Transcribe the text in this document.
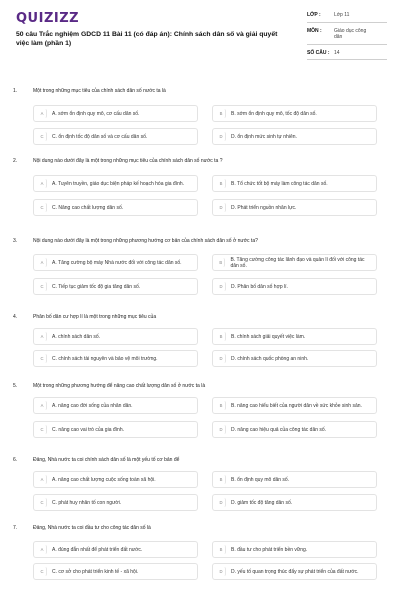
QUIZIZZ
50 câu Trắc nghiệm GDCD 11 Bài 11 (có đáp án): Chính sách dân số và giải quyết việc làm (phần 1)
LỚP :	Lớp 11
MÔN :	Giáo dục công dân
SỐ CÂU : 14
1.	Một trong những mục tiêu của chính sách dân số nước ta là
A	A. sớm ổn định quy mô, cơ cấu dân số.	B	B. sớm ổn định quy mô, tốc độ dân số.
C	C. ổn định tốc độ dân số và cơ cấu dân số.	D	D. ổn định mức sinh tự nhiên.
2.	Nội dung nào dưới đây là một trong những mục tiêu của chính sách dân số nước ta ?
A	A. Tuyên truyền, giáo dục biện pháp kế hoạch hóa gia đình.	B	B. Tổ chức tốt bộ máy làm công tác dân số.
C	C. Nâng cao chất lượng dân số.	D	D. Phát triển nguồn nhân lực.
3.	Nội dung nào dưới đây là một trong những phương hướng cơ bản của chính sách dân số ở nước ta?
A	A. Tăng cường bộ máy Nhà nước đối với công tác dân số.	B	B. Tăng cường công tác lãnh đạo và quản lí đối với công tác dân số.
C	C. Tiếp tục giảm tốc độ gia tăng dân số.	D	D. Phân bố dân số hợp lí.
4.	Phân bố dân cư hợp lí là một trong những mục tiêu của
A	A. chính sách dân số.	B	B. chính sách giải quyết việc làm.
C	C. chính sách tài nguyên và bảo vệ môi trường.	D	D. chính sách quốc phòng an ninh.
5.	Một trong những phương hướng để nâng cao chất lượng dân số ở nước ta là
A	A. nâng cao đời sống của nhân dân.	B	B. nâng cao hiểu biết của người dân về sức khỏe sinh sản.
C	C. nâng cao vai trò của gia đình.	D	D. nâng cao hiệu quả của công tác dân số.
6.	Đảng, Nhà nước ta coi chính sách dân số là một yếu tố cơ bản để
A	A. nâng cao chất lượng cuộc sống toàn xã hội.	B	B. ổn định quy mô dân số.
C	C. phát huy nhân tố con người.	D	D. giảm tốc độ tăng dân số.
7.	Đảng, Nhà nước ta coi đầu tư cho công tác dân số là
A	A. đúng đắn nhất để phát triển đất nước.	B	B. đầu tư cho phát triển bền vững.
C	C. cơ sở cho phát triển kinh tế - xã hội.	D	D. yếu tố quan trọng thúc đẩy sự phát triển của đất nước.
